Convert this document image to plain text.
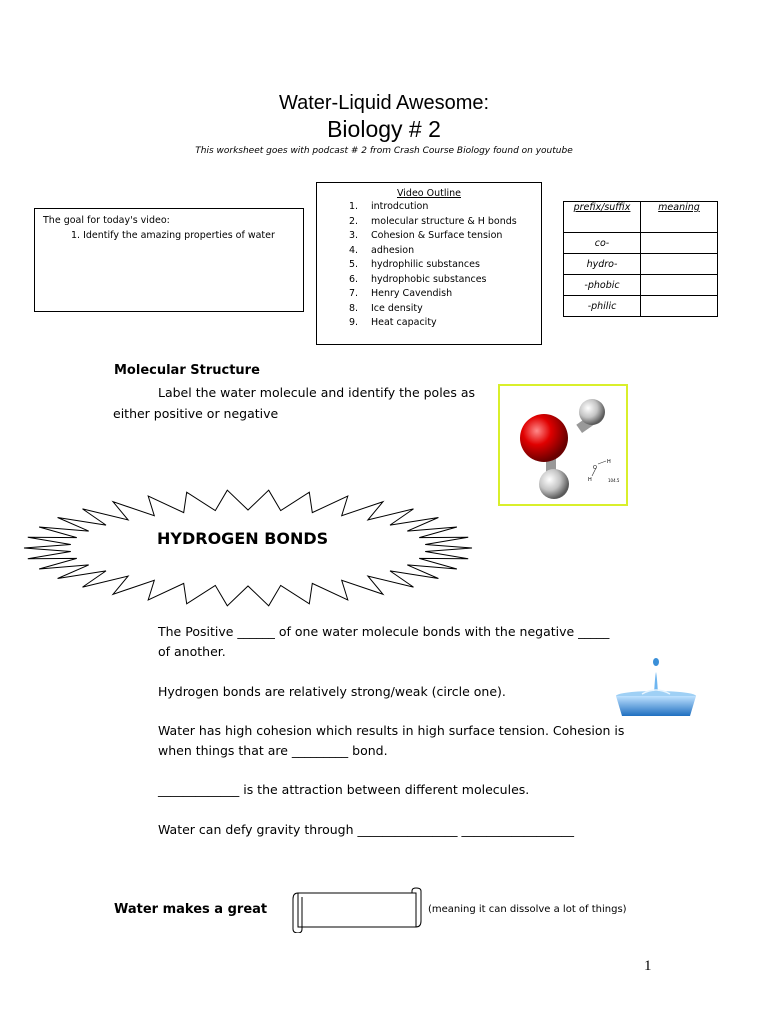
Water-Liquid Awesome:
Biology # 2
This worksheet goes with podcast # 2 from Crash Course Biology found on youtube
The goal for today's video:
1. Identify the amazing properties of water
Video Outline
1. introdcution
2. molecular structure & H bonds
3. Cohesion & Surface tension
4. adhesion
5. hydrophilic substances
6. hydrophobic substances
7. Henry Cavendish
8. Ice density
9. Heat capacity
prefix/suffix	meaning
co-	
hydro-	
-phobic	
-philic	
Molecular Structure
Label the water molecule and identify the poles as
either positive or negative
H
O
H	104.5
HYDROGEN BONDS
The Positive ______ of one water molecule bonds with the negative _____
of another.
Hydrogen bonds are relatively strong/weak (circle one).
Water has high cohesion which results in high surface tension. Cohesion is
when things that are _________ bond.
_____________ is the attraction between different molecules.
Water can defy gravity through ________________ __________________
Water makes a great	(meaning it can dissolve a lot of things)
1
